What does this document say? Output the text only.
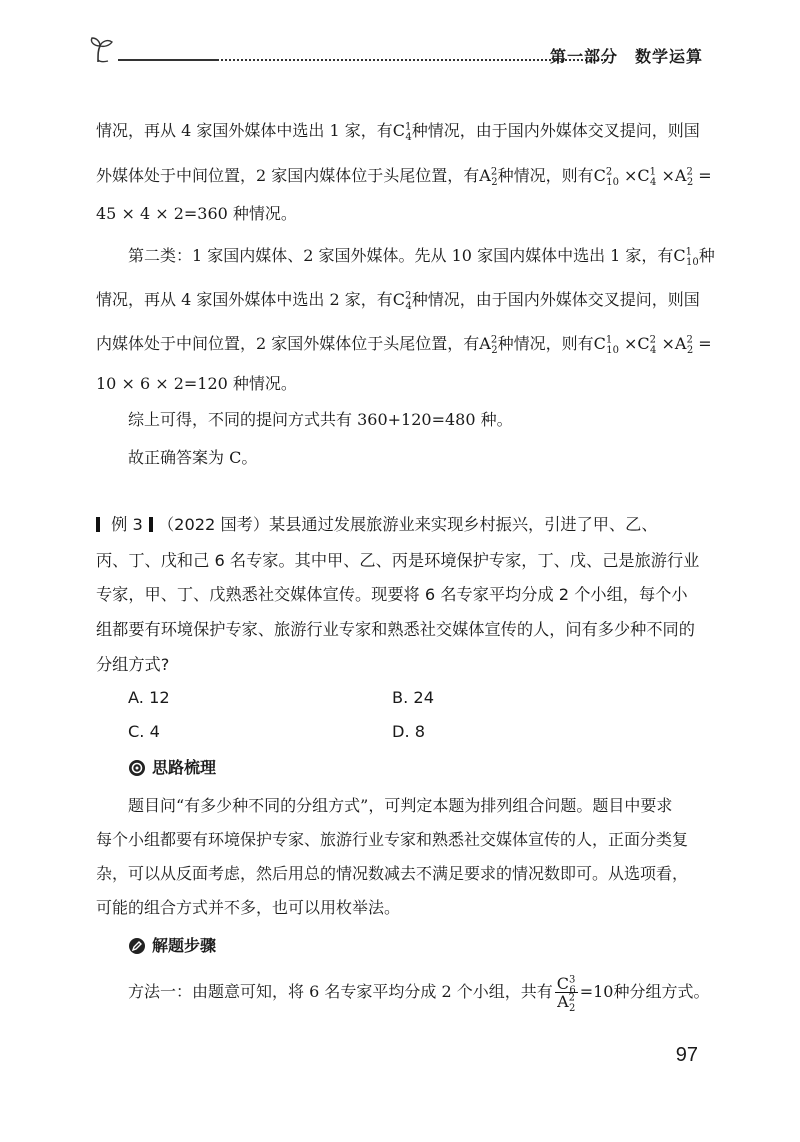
第一部分　数学运算
情况，再从 4 家国外媒体中选出 1 家，有$C^1_4$种情况，由于国内外媒体交叉提问，则国
外媒体处于中间位置，2 家国内媒体位于头尾位置，有$A^2_2$种情况，则有$C^2_{10} \times C^1_4 \times A^2_2$ =
45 × 4 × 2=360 种情况。
第二类：1 家国内媒体、2 家国外媒体。先从 10 家国内媒体中选出 1 家，有$C^1_{10}$种
情况，再从 4 家国外媒体中选出 2 家，有$C^2_4$种情况，由于国内外媒体交叉提问，则国
内媒体处于中间位置，2 家国外媒体位于头尾位置，有$A^2_2$种情况，则有$C^1_{10} \times C^2_4 \times A^2_2$ =
10 × 6 × 2=120 种情况。
综上可得，不同的提问方式共有 360+120=480 种。
故正确答案为 C。
例 3 （2022 国考）某县通过发展旅游业来实现乡村振兴，引进了甲、乙、
丙、丁、戊和己 6 名专家。其中甲、乙、丙是环境保护专家，丁、戊、己是旅游行业
专家，甲、丁、戊熟悉社交媒体宣传。现要将 6 名专家平均分成 2 个小组，每个小
组都要有环境保护专家、旅游行业专家和熟悉社交媒体宣传的人，问有多少种不同的
分组方式?
A. 12	B. 24
C. 4	D. 8
思路梳理
题目问“有多少种不同的分组方式”，可判定本题为排列组合问题。题目中要求
每个小组都要有环境保护专家、旅游行业专家和熟悉社交媒体宣传的人，正面分类复
杂，可以从反面考虑，然后用总的情况数减去不满足要求的情况数即可。从选项看，
可能的组合方式并不多，也可以用枚举法。
解题步骤
方法一：由题意可知，将 6 名专家平均分成 2 个小组，共有 $\frac{C^3_6}{A^2_2} =10$种分组方式。
97
